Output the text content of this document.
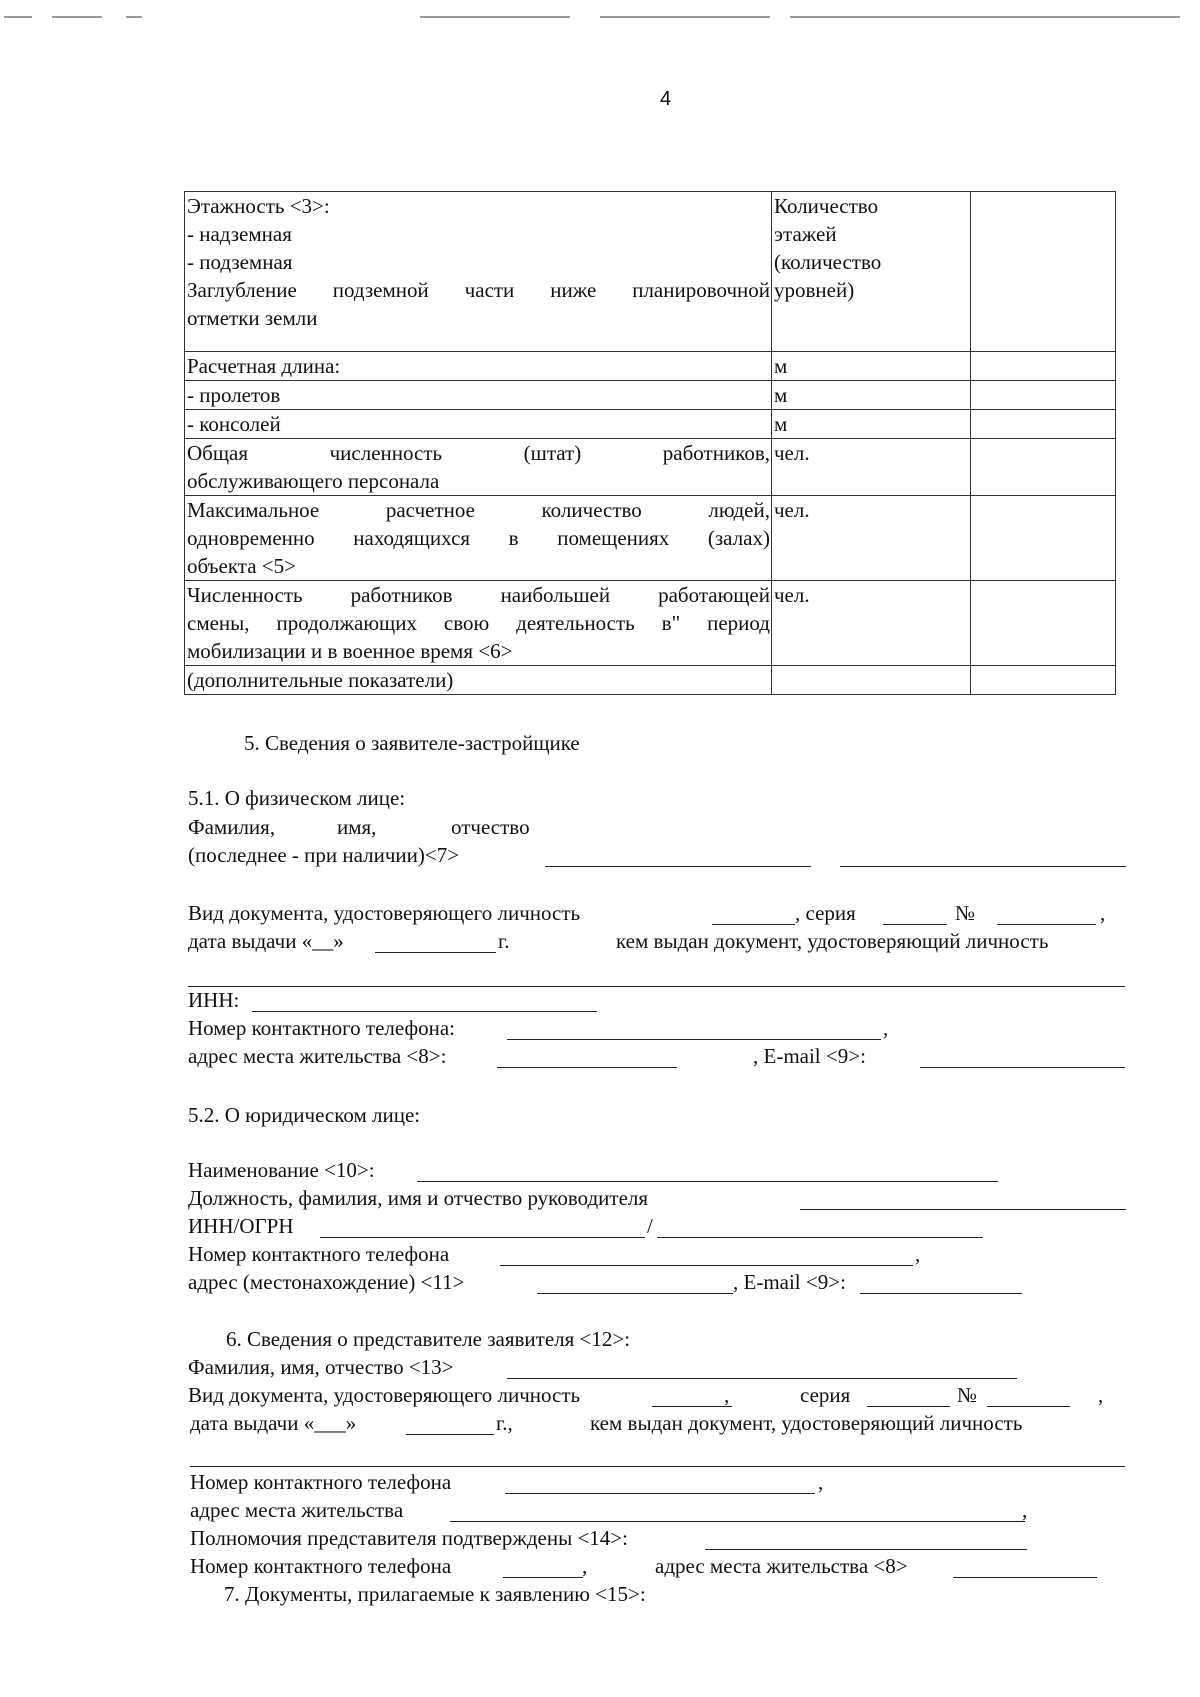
4
Этажность <3>:
- надземная
- подземная
Заглубление подземной части ниже планировочной
отметки земли	Количество
этажей
(количество
уровней)	

Расчетная длина:	м	

- пролетов	м	

- консолей	м	

Общая численность (штат) работников,
обслуживающего персонала	чел.	

Максимальное расчетное количество людей,
одновременно находящихся в помещениях (залах)
объекта <5>	чел.	

Численность работников наибольшей работающей
смены, продолжающих свою деятельность в" период
мобилизации и в военное время <6>	чел.	

(дополнительные показатели)		

5. Сведения о заявителе-застройщике
5.1. О физическом лице:
Фамилия,	имя,	отчество
(последнее - при наличии)<7>
Вид документа, удостоверяющего личность	, серия	№	,
дата выдачи «__»	г.	кем выдан документ, удостоверяющий личность
ИНН:
Номер контактного телефона:	,
адрес места жительства <8>:	, E-mail <9>:
5.2. О юридическом лице:
Наименование <10>:
Должность, фамилия, имя и отчество руководителя
ИНН/ОГРН	/
Номер контактного телефона	,
адрес (местонахождение) <11>	, E-mail <9>:
6. Сведения о представителе заявителя <12>:
Фамилия, имя, отчество <13>
Вид документа, удостоверяющего личность	,	серия	№	,
дата выдачи «___»	г.,	кем выдан документ, удостоверяющий личность
Номер контактного телефона	,
адрес места жительства	,
Полномочия представителя подтверждены <14>:
Номер контактного телефона	,	адрес места жительства <8>
7. Документы, прилагаемые к заявлению <15>:
